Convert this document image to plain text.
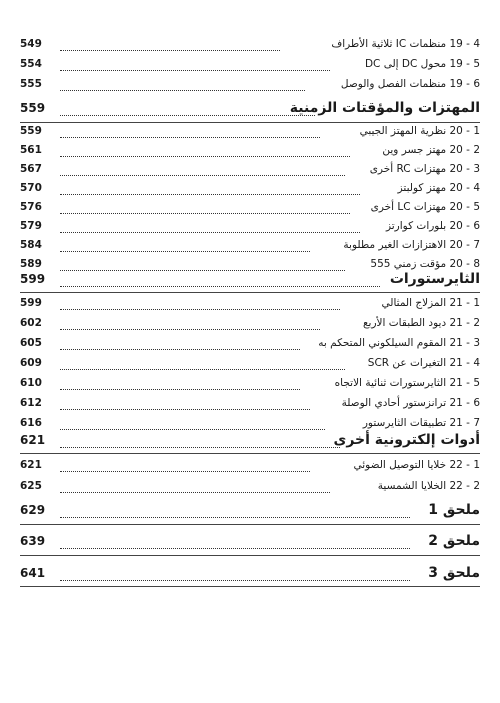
549	4 - 19 منظمات IC ثلاثية الأطراف
554	5 - 19 محول DC إلى DC
555	6 - 19 منظمات الفصل والوصل
559	المهتزات والمؤقتات الزمنية
559	1 - 20 نظرية المهتز الجيبي
561	2 - 20 مهتز جسر وين
567	3 - 20 مهتزات RC أخرى
570	4 - 20 مهتز كولبتز
576	5 - 20 مهتزات LC أخرى
579	6 - 20 بلورات كوارتز
584	7 - 20 الاهتزازات الغير مطلوبة
589	8 - 20 مؤقت زمني 555
599	الثايرستورات
599	1 - 21 المزلاج المثالي
602	2 - 21 ديود الطبقات الأربع
605	3 - 21 المقوم السيلكوني المتحكم به
609	4 - 21 التغيرات عن SCR
610	5 - 21 الثايرستورات ثنائية الاتجاه
612	6 - 21 ترانزستور أحادي الوصلة
616	7 - 21 تطبيقات الثايرستور
621	أدوات إلكترونية أخرى
621	1 - 22 خلايا التوصيل الضوئي
625	2 - 22 الخلايا الشمسية
629	ملحق 1
639	ملحق 2
641	ملحق 3
